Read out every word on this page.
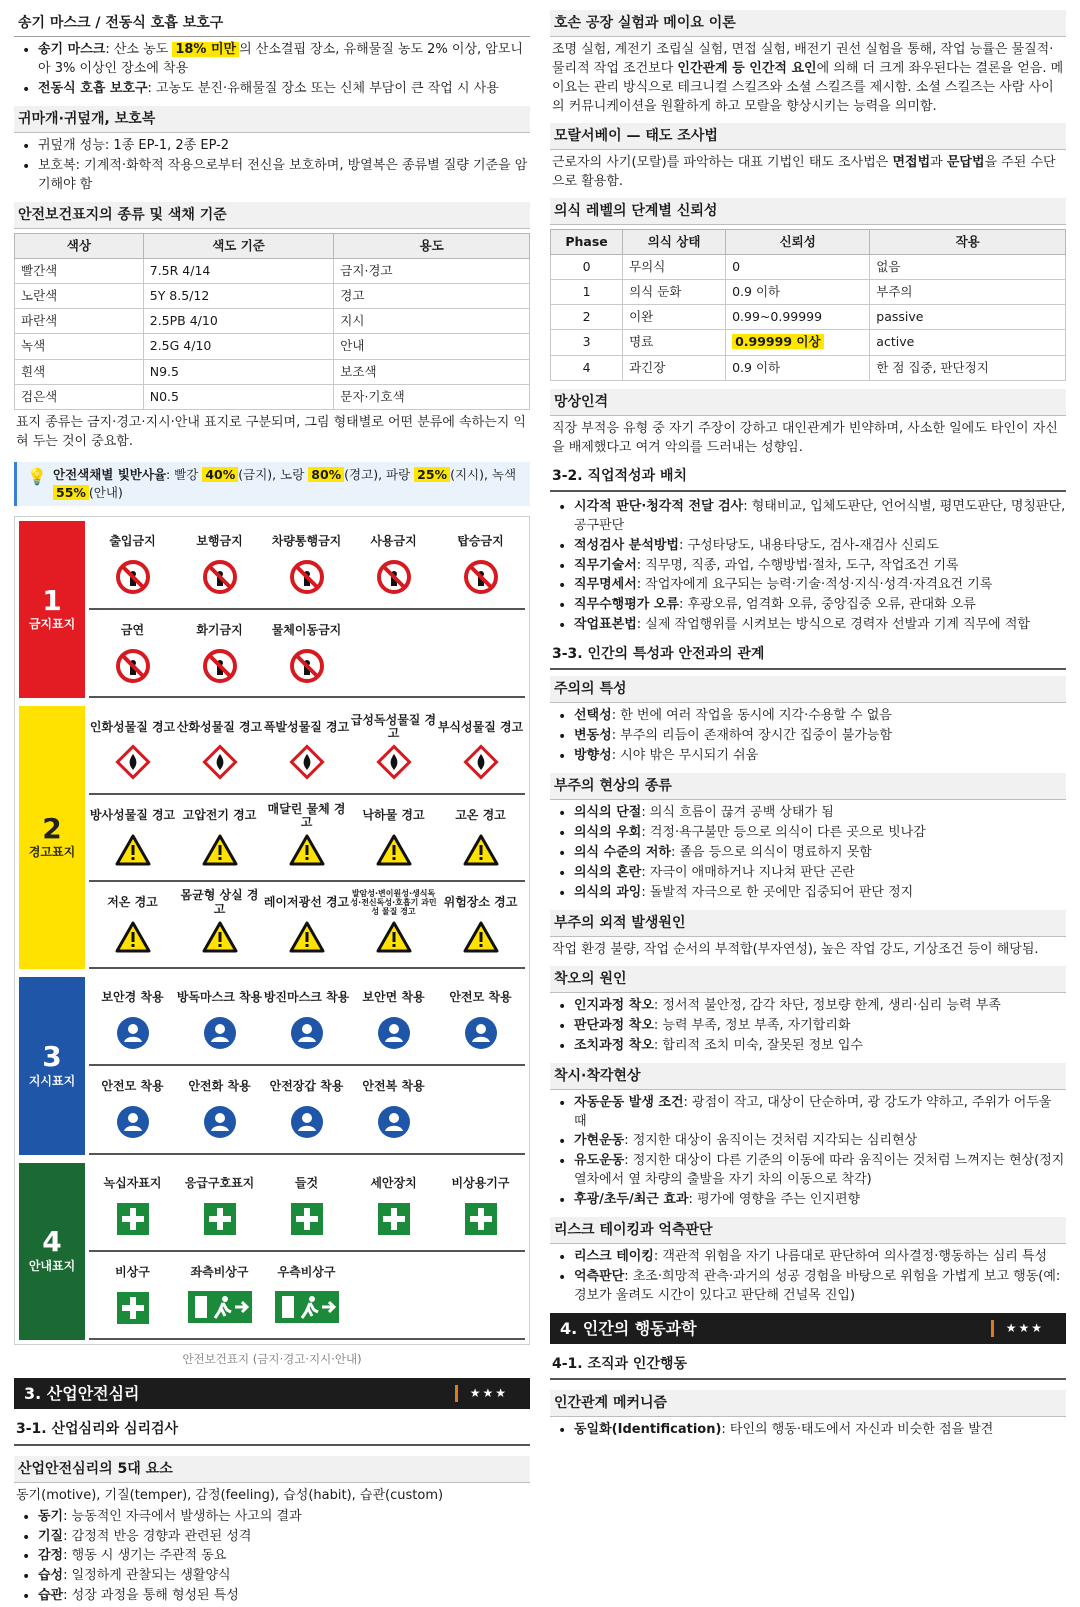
송기 마스크 / 전동식 호흡 보호구
• 송기 마스크: 산소 농도 18% 미만 의 산소결핍 장소, 유해물질 농도 2% 이상, 암모니아 3% 이상인 장소에 착용
• 전동식 호흡 보호구: 고농도 분진·유해물질 장소 또는 신체 부담이 큰 작업 시 사용
귀마개·귀덮개, 보호복
• 귀덮개 성능: 1종 EP-1, 2종 EP-2
• 보호복: 기계적·화학적 작용으로부터 전신을 보호하며, 방열복은 종류별 질량 기준을 암기해야 함
안전보건표지의 종류 및 색채 기준
색상	색도 기준	용도
빨간색	7.5R 4/14	금지·경고
노란색	5Y 8.5/12	경고
파란색	2.5PB 4/10	지시
녹색	2.5G 4/10	안내
흰색	N9.5	보조색
검은색	N0.5	문자·기호색

표지 종류는 금지·경고·지시·안내 표지로 구분되며, 그림 형태별로 어떤 분류에 속하는지 익혀 두는 것이 중요함.

💡 안전색채별 빛반사율: 빨강 40% (금지), 노랑 80% (경고), 파랑 25% (지시), 녹색 55% (안내)
1
금지표지
출입금지	보행금지 차량통행금지 사용금지	탑승금지
금연	화기금지 물체이동금지
2
경고표지
인화성물질 경고 산화성물질 경고 폭발성물질 경고 급성독성물질 경고	부식성물질 경고
방사성물질 경고 고압전기 경고 매달린 물체 경고	낙하물 경고	고온 경고
저온 경고	몸균형 상실 경고	레이저광선 경고
발암성·변이원성·생식독성·전신독성·호흡기 과민성 물질 경고
위험장소 경고
3
지시표지
보안경 착용 방독마스크 착용 방진마스크 착용 보안면 착용 안전모 착용
안전모 착용 안전화 착용 안전장갑 착용 안전복 착용
4
안내표지
녹십자표지 응급구호표지	들것	세안장치	비상용기구
비상구	좌측비상구 우측비상구
안전보건표지 (금지·경고·지시·안내)
3. 산업안전심리	★★★
3-1. 산업심리와 심리검사
산업안전심리의 5대 요소

동기(motive), 기질(temper), 감정(feeling), 습성(habit), 습관(custom)

• 동기: 능동적인 자극에서 발생하는 사고의 결과
• 기질: 감정적 반응 경향과 관련된 성격
• 감정: 행동 시 생기는 주관적 동요
• 습성: 일정하게 관찰되는 생활양식
• 습관: 성장 과정을 통해 형성된 특성
호손 공장 실험과 메이요 이론

조명 실험, 계전기 조립실 실험, 면접 실험, 배전기 권선 실험을 통해, 작업 능률은 물질적·물리적 작업 조건보다 인간관계 등 인간적 요인에 의해 더 크게 좌우된다는 결론을 얻음. 메이요는 관리 방식으로 테크니컬 스킬즈와 소셜 스킬즈를 제시함. 소셜 스킬즈는 사람 사이의 커뮤니케이션을 원활하게 하고 모랄을 향상시키는 능력을 의미함.

모랄서베이 — 태도 조사법

근로자의 사기(모랄)를 파악하는 대표 기법인 태도 조사법은 면접법과 문답법을 주된 수단으로 활용함.

의식 레벨의 단계별 신뢰성
Phase	의식 상태	신뢰성	작용
0	무의식	0	없음
1	의식 둔화	0.9 이하	부주의
2	이완	0.99~0.99999	passive
3	명료	0.99999 이상	active
4	과긴장	0.9 이하	한 점 집중, 판단정지
망상인격

직장 부적응 유형 중 자기 주장이 강하고 대인관계가 빈약하며, 사소한 일에도 타인이 자신을 배제했다고 여겨 악의를 드러내는 성향임.

3-2. 직업적성과 배치
• 시각적 판단·청각적 전달 검사: 형태비교, 입체도판단, 언어식별, 평면도판단, 명칭판단, 공구판단
• 적성검사 분석방법: 구성타당도, 내용타당도, 검사-재검사 신뢰도
• 직무기술서: 직무명, 직종, 과업, 수행방법·절차, 도구, 작업조건 기록
• 직무명세서: 작업자에게 요구되는 능력·기술·적성·지식·성격·자격요건 기록
• 직무수행평가 오류: 후광오류, 엄격화 오류, 중앙집중 오류, 관대화 오류
• 작업표본법: 실제 작업행위를 시켜보는 방식으로 경력자 선발과 기계 직무에 적합
3-3. 인간의 특성과 안전과의 관계
주의의 특성
• 선택성: 한 번에 여러 작업을 동시에 지각·수용할 수 없음
• 변동성: 부주의 리듬이 존재하여 장시간 집중이 불가능함
• 방향성: 시야 밖은 무시되기 쉬움
부주의 현상의 종류
• 의식의 단절: 의식 흐름이 끊겨 공백 상태가 됨
• 의식의 우회: 걱정·욕구불만 등으로 의식이 다른 곳으로 빗나감
• 의식 수준의 저하: 졸음 등으로 의식이 명료하지 못함
• 의식의 혼란: 자극이 애매하거나 지나쳐 판단 곤란
• 의식의 과잉: 돌발적 자극으로 한 곳에만 집중되어 판단 정지
부주의 외적 발생원인

작업 환경 불량, 작업 순서의 부적합(부자연성), 높은 작업 강도, 기상조건 등이 해당됨.

착오의 원인
• 인지과정 착오: 정서적 불안정, 감각 차단, 정보량 한계, 생리·심리 능력 부족
• 판단과정 착오: 능력 부족, 정보 부족, 자기합리화
• 조치과정 착오: 합리적 조치 미숙, 잘못된 정보 입수
착시·착각현상
• 자동운동 발생 조건: 광점이 작고, 대상이 단순하며, 광 강도가 약하고, 주위가 어두울 때
• 가현운동: 정지한 대상이 움직이는 것처럼 지각되는 심리현상
• 유도운동: 정지한 대상이 다른 기준의 이동에 따라 움직이는 것처럼 느껴지는 현상(정지 열차에서 옆 차량의 출발을 자기 차의 이동으로 착각)
• 후광/초두/최근 효과: 평가에 영향을 주는 인지편향
리스크 테이킹과 억측판단
• 리스크 테이킹: 객관적 위험을 자기 나름대로 판단하여 의사결정·행동하는 심리 특성
• 억측판단: 초조·희망적 관측·과거의 성공 경험을 바탕으로 위험을 가볍게 보고 행동(예: 경보가 울려도 시간이 있다고 판단해 건널목 진입)
4. 인간의 행동과학	★★★
4-1. 조직과 인간행동
인간관계 메커니즘
• 동일화(Identification): 타인의 행동·태도에서 자신과 비슷한 점을 발견
